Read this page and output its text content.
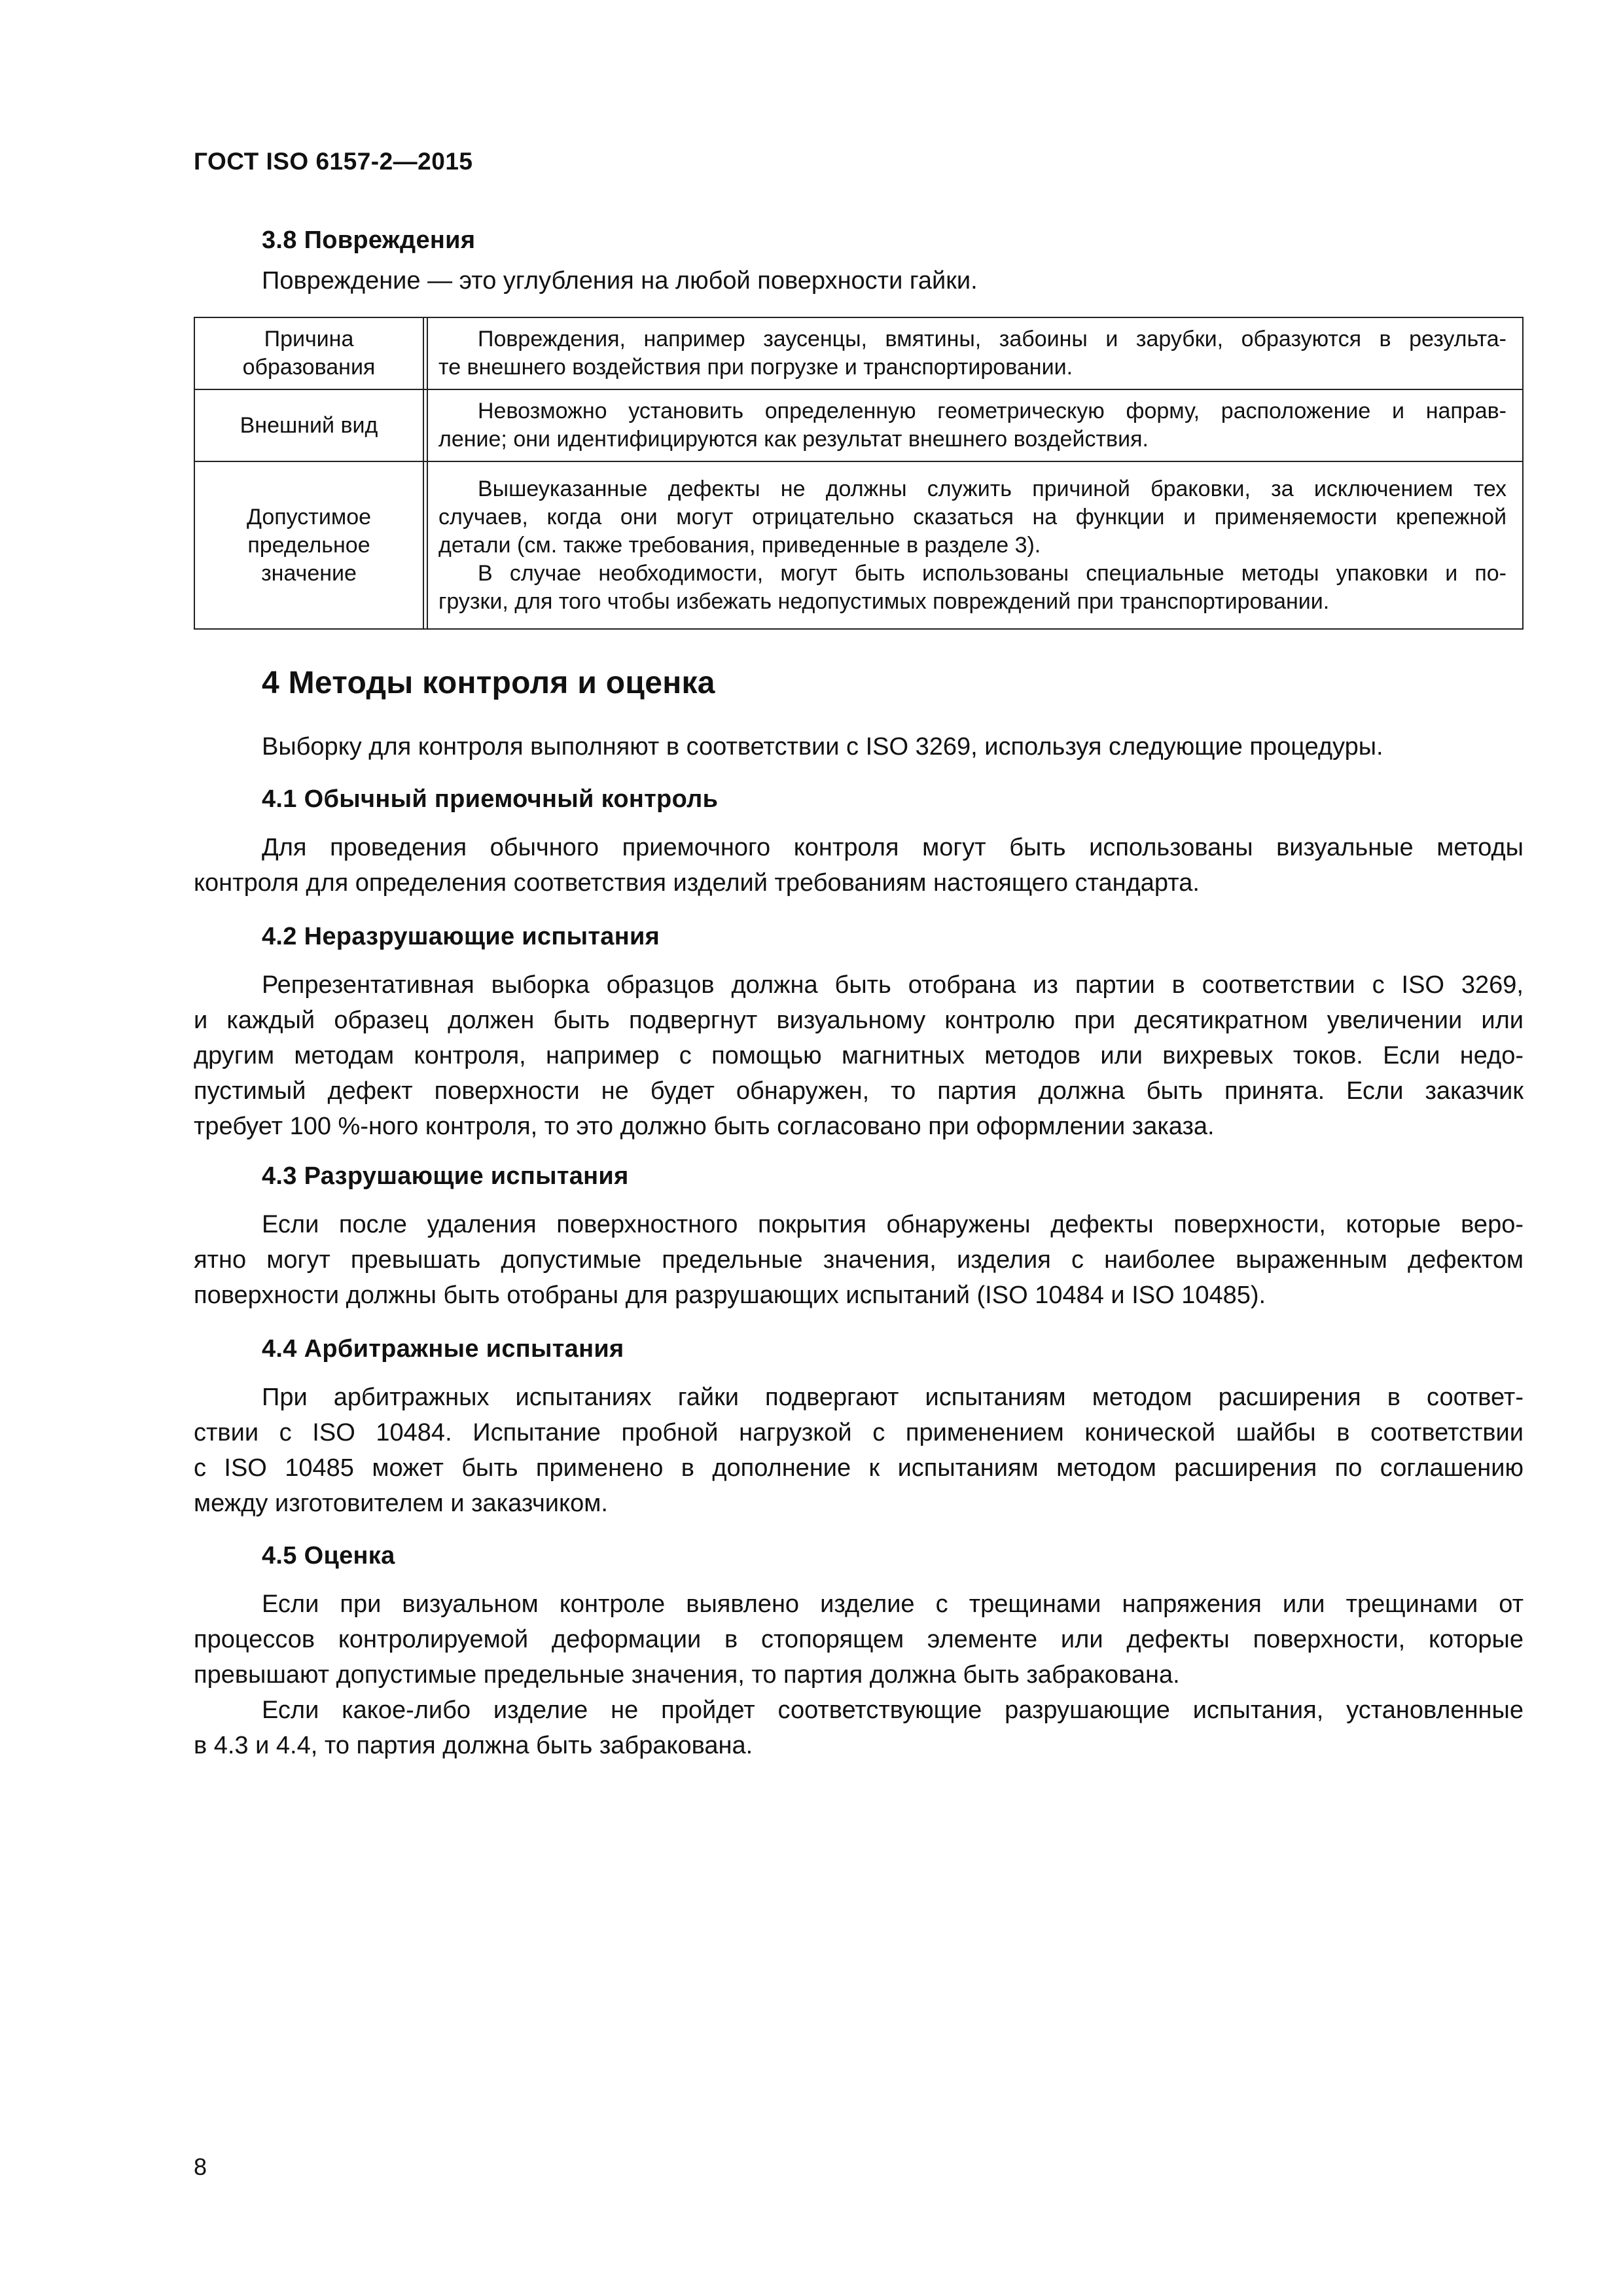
ГОСТ ISO 6157-2—2015
3.8 Повреждения
Повреждение — это углубления на любой поверхности гайки.
Причина
образования
Повреждения, например заусенцы, вмятины, забоины и зарубки, образуются в результа-
те внешнего воздействия при погрузке и транспортировании.
Внешний вид
Невозможно установить определенную геометрическую форму, расположение и направ-
ление; они идентифицируются как результат внешнего воздействия.
Допустимое
предельное
значение
Вышеуказанные дефекты не должны служить причиной браковки, за исключением тех
случаев, когда они могут отрицательно сказаться на функции и применяемости крепежной
детали (см. также требования, приведенные в разделе 3).
В случае необходимости, могут быть использованы специальные методы упаковки и по-
грузки, для того чтобы избежать недопустимых повреждений при транспортировании.
4 Методы контроля и оценка
Выборку для контроля выполняют в соответствии с ISO 3269, используя следующие процедуры.
4.1 Обычный приемочный контроль
Для проведения обычного приемочного контроля могут быть использованы визуальные методы
контроля для определения соответствия изделий требованиям настоящего стандарта.
4.2 Неразрушающие испытания
Репрезентативная выборка образцов должна быть отобрана из партии в соответствии с ISO 3269,
и каждый образец должен быть подвергнут визуальному контролю при десятикратном увеличении или
другим методам контроля, например с помощью магнитных методов или вихревых токов. Если недо-
пустимый дефект поверхности не будет обнаружен, то партия должна быть принята. Если заказчик
требует 100 %-ного контроля, то это должно быть согласовано при оформлении заказа.
4.3 Разрушающие испытания
Если после удаления поверхностного покрытия обнаружены дефекты поверхности, которые веро-
ятно могут превышать допустимые предельные значения, изделия с наиболее выраженным дефектом
поверхности должны быть отобраны для разрушающих испытаний (ISO 10484 и ISO 10485).
4.4 Арбитражные испытания
При арбитражных испытаниях гайки подвергают испытаниям методом расширения в соответ-
ствии с ISO 10484. Испытание пробной нагрузкой с применением конической шайбы в соответствии
с ISO 10485 может быть применено в дополнение к испытаниям методом расширения по соглашению
между изготовителем и заказчиком.
4.5 Оценка
Если при визуальном контроле выявлено изделие с трещинами напряжения или трещинами от
процессов контролируемой деформации в стопорящем элементе или дефекты поверхности, которые
превышают допустимые предельные значения, то партия должна быть забракована.
Если какое-либо изделие не пройдет соответствующие разрушающие испытания, установленные
в 4.3 и 4.4, то партия должна быть забракована.
8
